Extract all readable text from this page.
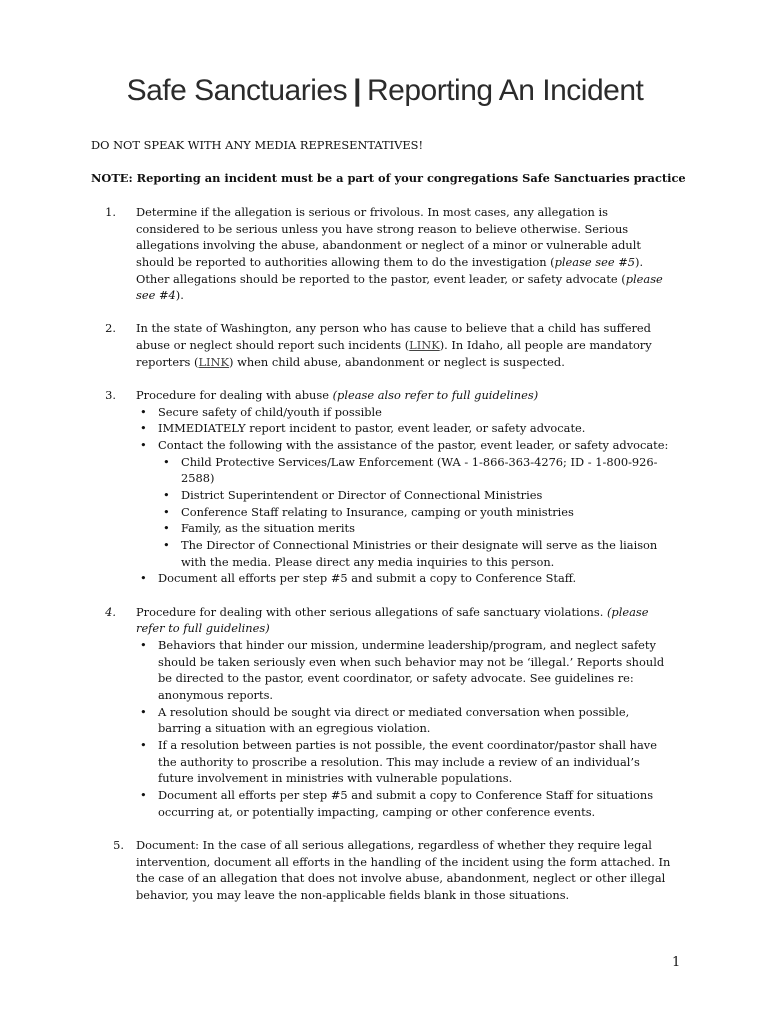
Safe Sanctuaries | Reporting An Incident
DO NOT SPEAK WITH ANY MEDIA REPRESENTATIVES!
NOTE: Reporting an incident must be a part of your congregations Safe Sanctuaries practice
1. Determine if the allegation is serious or frivolous. In most cases, any allegation is
considered to be serious unless you have strong reason to believe otherwise. Serious
allegations involving the abuse, abandonment or neglect of a minor or vulnerable adult
should be reported to authorities allowing them to do the investigation (please see #5).
Other allegations should be reported to the pastor, event leader, or safety advocate (please
see #4).
2. In the state of Washington, any person who has cause to believe that a child has suffered
abuse or neglect should report such incidents (LINK). In Idaho, all people are mandatory
reporters (LINK) when child abuse, abandonment or neglect is suspected.
3. Procedure for dealing with abuse (please also refer to full guidelines)
• Secure safety of child/youth if possible
• IMMEDIATELY report incident to pastor, event leader, or safety advocate.
• Contact the following with the assistance of the pastor, event leader, or safety advocate:
• Child Protective Services/Law Enforcement (WA - 1-866-363-4276; ID - 1-800-926-
2588)
• District Superintendent or Director of Connectional Ministries
• Conference Staff relating to Insurance, camping or youth ministries
• Family, as the situation merits
• The Director of Connectional Ministries or their designate will serve as the liaison
with the media. Please direct any media inquiries to this person.
• Document all efforts per step #5 and submit a copy to Conference Staff.
4. Procedure for dealing with other serious allegations of safe sanctuary violations. (please
refer to full guidelines)
• Behaviors that hinder our mission, undermine leadership/program, and neglect safety
should be taken seriously even when such behavior may not be ‘illegal.’ Reports should
be directed to the pastor, event coordinator, or safety advocate. See guidelines re:
anonymous reports.
• A resolution should be sought via direct or mediated conversation when possible,
barring a situation with an egregious violation.
• If a resolution between parties is not possible, the event coordinator/pastor shall have
the authority to proscribe a resolution. This may include a review of an individual’s
future involvement in ministries with vulnerable populations.
• Document all efforts per step #5 and submit a copy to Conference Staff for situations
occurring at, or potentially impacting, camping or other conference events.
5. Document: In the case of all serious allegations, regardless of whether they require legal
intervention, document all efforts in the handling of the incident using the form attached. In
the case of an allegation that does not involve abuse, abandonment, neglect or other illegal
behavior, you may leave the non-applicable fields blank in those situations.
1
